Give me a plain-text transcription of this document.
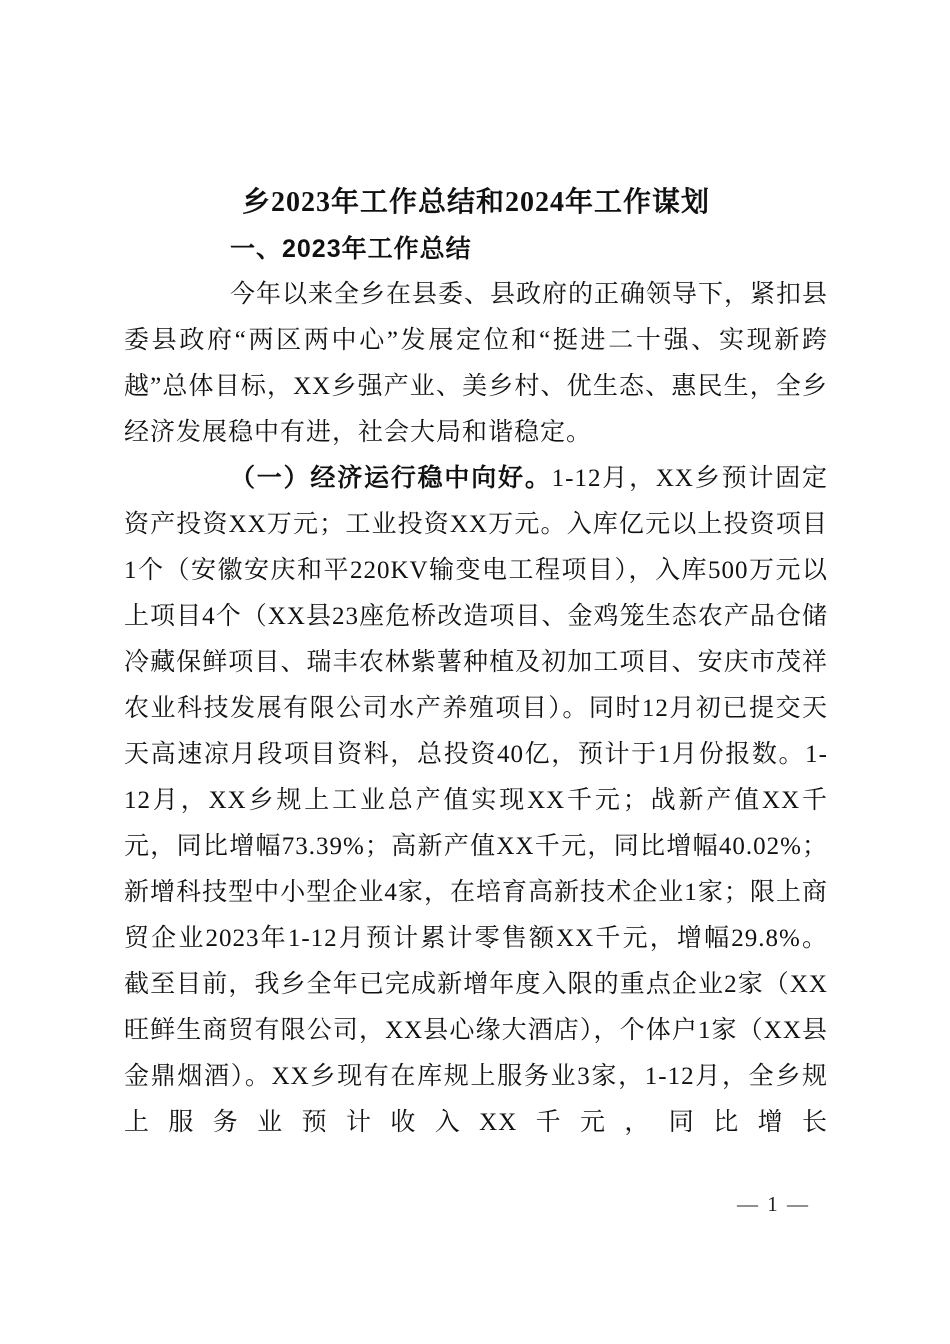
乡2023年工作总结和2024年工作谋划
一、2023年工作总结

今年以来全乡在县委、县政府的正确领导下，紧扣县委县政府“两区两中心”发展定位和“挺进二十强、实现新跨越”总体目标，XX乡强产业、美乡村、优生态、惠民生，全乡经济发展稳中有进，社会大局和谐稳定。

（一）经济运行稳中向好。1-12月，XX乡预计固定资产投资XX万元；工业投资XX万元。入库亿元以上投资项目1个（安徽安庆和平220KV输变电工程项目），入库500万元以上项目4个（XX县23座危桥改造项目、金鸡笼生态农产品仓储冷藏保鲜项目、瑞丰农林紫薯种植及初加工项目、安庆市茂祥农业科技发展有限公司水产养殖项目）。同时12月初已提交天天高速凉月段项目资料，总投资40亿，预计于1月份报数。1-12月，XX乡规上工业总产值实现XX千元；战新产值XX千元，同比增幅73.39%；高新产值XX千元，同比增幅40.02%；新增科技型中小型企业4家，在培育高新技术企业1家；限上商贸企业2023年1-12月预计累计零售额XX千元，增幅29.8%。截至目前，我乡全年已完成新增年度入限的重点企业2家（XX旺鲜生商贸有限公司，XX县心缘大酒店），个体户1家（XX县金鼎烟酒）。XX乡现有在库规上服务业3家，1-12月，全乡规上服务业预计收入XX千元，同比增长

— 1 —
